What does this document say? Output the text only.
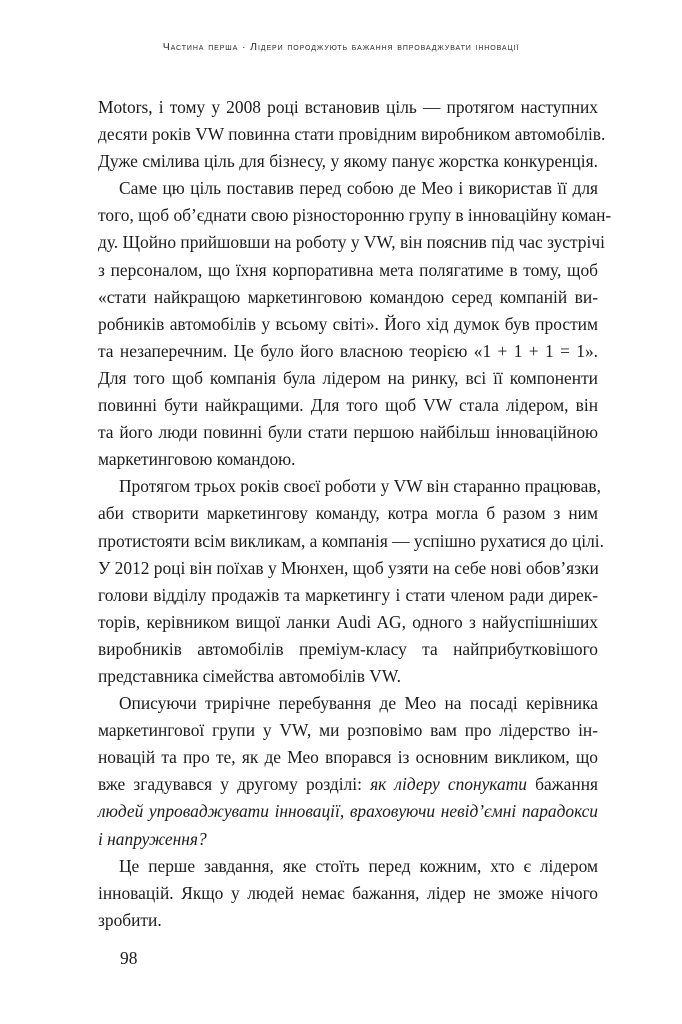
Частина перша · Лідери породжують бажання впроваджувати інновації

Motors, і тому у 2008 році встановив ціль — протягом наступних
десяти років VW повинна стати провідним виробником автомобілів.
Дуже смілива ціль для бізнесу, у якому панує жорстка конкуренція.

Саме цю ціль поставив перед собою де Мео і використав її для
того, щоб об’єднати свою різносторонню групу в інноваційну коман-
ду. Щойно прийшовши на роботу у VW, він пояснив під час зустрічі
з персоналом, що їхня корпоративна мета полягатиме в тому, щоб
«стати найкращою маркетинговою командою серед компаній ви-
робників автомобілів у всьому світі». Його хід думок був простим
та незаперечним. Це було його власною теорією «1 + 1 + 1 = 1».
Для того щоб компанія була лідером на ринку, всі її компоненти
повинні бути найкращими. Для того щоб VW стала лідером, він
та його люди повинні були стати першою найбільш інноваційною
маркетинговою командою.

Протягом трьох років своєї роботи у VW він старанно працював,
аби створити маркетингову команду, котра могла б разом з ним
протистояти всім викликам, а компанія — успішно рухатися до цілі.
У 2012 році він поїхав у Мюнхен, щоб узяти на себе нові обов’язки
голови відділу продажів та маркетингу і стати членом ради дирек-
торів, керівником вищої ланки Audi AG, одного з найуспішніших
виробників автомобілів преміум-класу та найприбутковішого
представника сімейства автомобілів VW.

Описуючи трирічне перебування де Мео на посаді керівника
маркетингової групи у VW, ми розповімо вам про лідерство ін-
новацій та про те, як де Мео впорався із основним викликом, що
вже згадувався у другому розділі: як лідеру спонукати бажання
людей упроваджувати інновації, враховуючи невід’ємні парадокси
і напруження?

Це перше завдання, яке стоїть перед кожним, хто є лідером
інновацій. Якщо у людей немає бажання, лідер не зможе нічого
зробити.

98
